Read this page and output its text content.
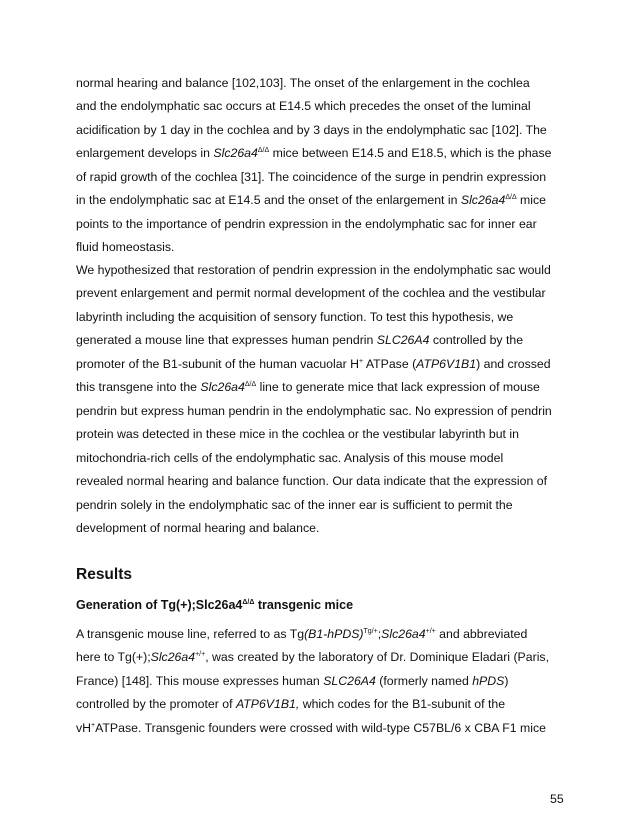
normal hearing and balance [102,103]. The onset of the enlargement in the cochlea
and the endolymphatic sac occurs at E14.5 which precedes the onset of the luminal
acidification by 1 day in the cochlea and by 3 days in the endolymphatic sac [102]. The
enlargement develops in $Slc26a4^{\Delta/\Delta}$ mice between E14.5 and E18.5, which is the phase
of rapid growth of the cochlea [31]. The coincidence of the surge in pendrin expression
in the endolymphatic sac at E14.5 and the onset of the enlargement in $Slc26a4^{\Delta/\Delta}$ mice
points to the importance of pendrin expression in the endolymphatic sac for inner ear
fluid homeostasis.
We hypothesized that restoration of pendrin expression in the endolymphatic sac would
prevent enlargement and permit normal development of the cochlea and the vestibular
labyrinth including the acquisition of sensory function. To test this hypothesis, we
generated a mouse line that expresses human pendrin SLC26A4 controlled by the
promoter of the B1-subunit of the human vacuolar H+ ATPase (ATP6V1B1) and crossed
this transgene into the $Slc26a4^{\Delta/\Delta}$ line to generate mice that lack expression of mouse
pendrin but express human pendrin in the endolymphatic sac. No expression of pendrin
protein was detected in these mice in the cochlea or the vestibular labyrinth but in
mitochondria-rich cells of the endolymphatic sac. Analysis of this mouse model
revealed normal hearing and balance function. Our data indicate that the expression of
pendrin solely in the endolymphatic sac of the inner ear is sufficient to permit the
development of normal hearing and balance.
Results
Generation of $Tg(+);Slc26a4^{\Delta/\Delta}$ transgenic mice
A transgenic mouse line, referred to as Tg(B1-hPDS)$^{Tg/+}$;Slc26a4+/+ and abbreviated
here to Tg(+);Slc26a4+/+, was created by the laboratory of Dr. Dominique Eladari (Paris,
France) [148]. This mouse expresses human SLC26A4 (formerly named hPDS)
controlled by the promoter of ATP6V1B1, which codes for the B1-subunit of the
vH+ATPase. Transgenic founders were crossed with wild-type C57BL/6 x CBA F1 mice
55
